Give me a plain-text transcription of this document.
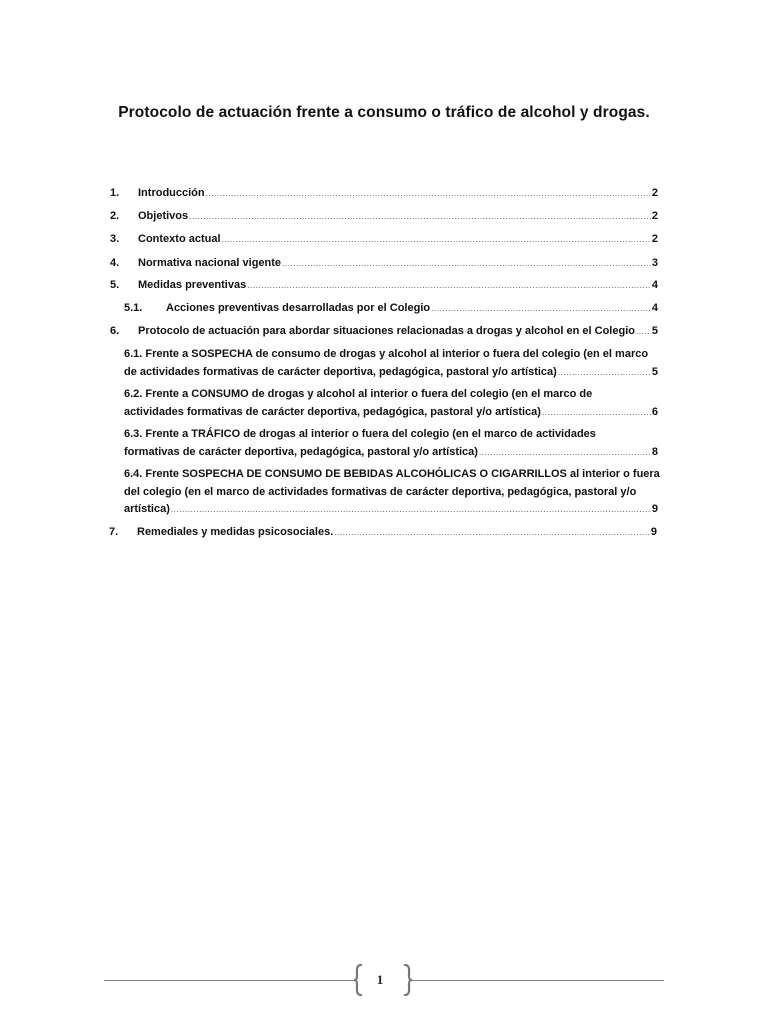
Protocolo de actuación frente a consumo o tráfico de alcohol y drogas.
1.	Introducción .....	2
2.	Objetivos .....	2
3.	Contexto actual .....	2
4.	Normativa nacional vigente .....	3
5.	Medidas preventivas .....	4
5.1.	Acciones preventivas desarrolladas por el Colegio .....	4
6.	Protocolo de actuación para abordar situaciones relacionadas a drogas y alcohol en el Colegio ..... 5
6.1. Frente a SOSPECHA de consumo de drogas y alcohol al interior o fuera del colegio (en el marco
de actividades formativas de carácter deportiva, pedagógica, pastoral y/o artística) .....	5
6.2. Frente a CONSUMO de drogas y alcohol al interior o fuera del colegio (en el marco de
actividades formativas de carácter deportiva, pedagógica, pastoral y/o artística) .....	6
6.3. Frente a TRÁFICO de drogas al interior o fuera del colegio (en el marco de actividades
formativas de carácter deportiva, pedagógica, pastoral y/o artística) .....	8
6.4. Frente SOSPECHA DE CONSUMO DE BEBIDAS ALCOHÓLICAS O CIGARRILLOS al interior o fuera
del colegio (en el marco de actividades formativas de carácter deportiva, pedagógica, pastoral y/o
artística) .....	9
7.	Remediales y medidas psicosociales. .....	9
1
